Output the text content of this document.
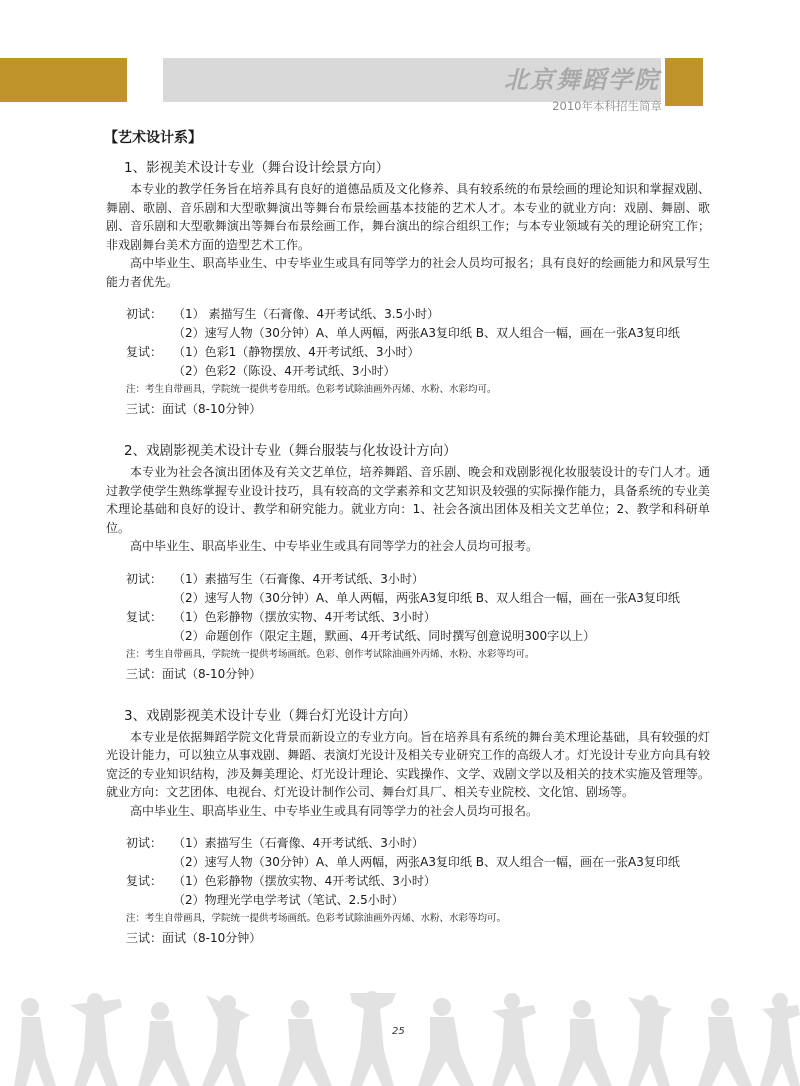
北京舞蹈学院
2010年本科招生简章
【艺术设计系】
1、影视美术设计专业（舞台设计绘景方向）

本专业的教学任务旨在培养具有良好的道德品质及文化修养、具有较系统的布景绘画的理论知识和掌握戏剧、舞剧、歌剧、音乐剧和大型歌舞演出等舞台布景绘画基本技能的艺术人才。本专业的就业方向：戏剧、舞剧、歌剧、音乐剧和大型歌舞演出等舞台布景绘画工作，舞台演出的综合组织工作；与本专业领域有关的理论研究工作；非戏剧舞台美术方面的造型艺术工作。

高中毕业生、职高毕业生、中专毕业生或具有同等学力的社会人员均可报名；具有良好的绘画能力和风景写生能力者优先。

初试： （1） 素描写生（石膏像、4开考试纸、3.5小时）
（2）速写人物（30分钟）A、单人两幅，两张A3复印纸 B、双人组合一幅，画在一张A3复印纸
复试： （1）色彩1（静物摆放、4开考试纸、3小时）
（2）色彩2（陈设、4开考试纸、3小时）
注：考生自带画具，学院统一提供考卷用纸。色彩考试除油画外丙烯、水粉、水彩均可。
三试：面试（8-10分钟）
2、戏剧影视美术设计专业（舞台服装与化妆设计方向）

本专业为社会各演出团体及有关文艺单位，培养舞蹈、音乐剧、晚会和戏剧影视化妆服装设计的专门人才。通过教学使学生熟练掌握专业设计技巧，具有较高的文学素养和文艺知识及较强的实际操作能力，具备系统的专业美术理论基础和良好的设计、教学和研究能力。就业方向：1、社会各演出团体及相关文艺单位；2、教学和科研单位。

高中毕业生、职高毕业生、中专毕业生或具有同等学力的社会人员均可报考。

初试： （1）素描写生（石膏像、4开考试纸、3小时）
（2）速写人物（30分钟）A、单人两幅，两张A3复印纸 B、双人组合一幅，画在一张A3复印纸
复试： （1）色彩静物（摆放实物、4开考试纸、3小时）
（2）命题创作（限定主题，默画、4开考试纸、同时撰写创意说明300字以上）
注：考生自带画具，学院统一提供考场画纸。色彩、创作考试除油画外丙烯、水粉、水彩等均可。
三试：面试（8-10分钟）
3、戏剧影视美术设计专业（舞台灯光设计方向）

本专业是依据舞蹈学院文化背景而新设立的专业方向。旨在培养具有系统的舞台美术理论基础，具有较强的灯光设计能力，可以独立从事戏剧、舞蹈、表演灯光设计及相关专业研究工作的高级人才。灯光设计专业方向具有较宽泛的专业知识结构，涉及舞美理论、灯光设计理论、实践操作、文学、戏剧文学以及相关的技术实施及管理等。就业方向：文艺团体、电视台、灯光设计制作公司、舞台灯具厂、相关专业院校、文化馆、剧场等。

高中毕业生、职高毕业生、中专毕业生或具有同等学力的社会人员均可报名。

初试： （1）素描写生（石膏像、4开考试纸、3小时）
（2）速写人物（30分钟）A、单人两幅，两张A3复印纸 B、双人组合一幅，画在一张A3复印纸
复试： （1）色彩静物（摆放实物、4开考试纸、3小时）
（2）物理光学电学考试（笔试、2.5小时）
注：考生自带画具，学院统一提供考场画纸。色彩考试除油画外丙烯、水粉、水彩等均可。
三试：面试（8-10分钟）
25
